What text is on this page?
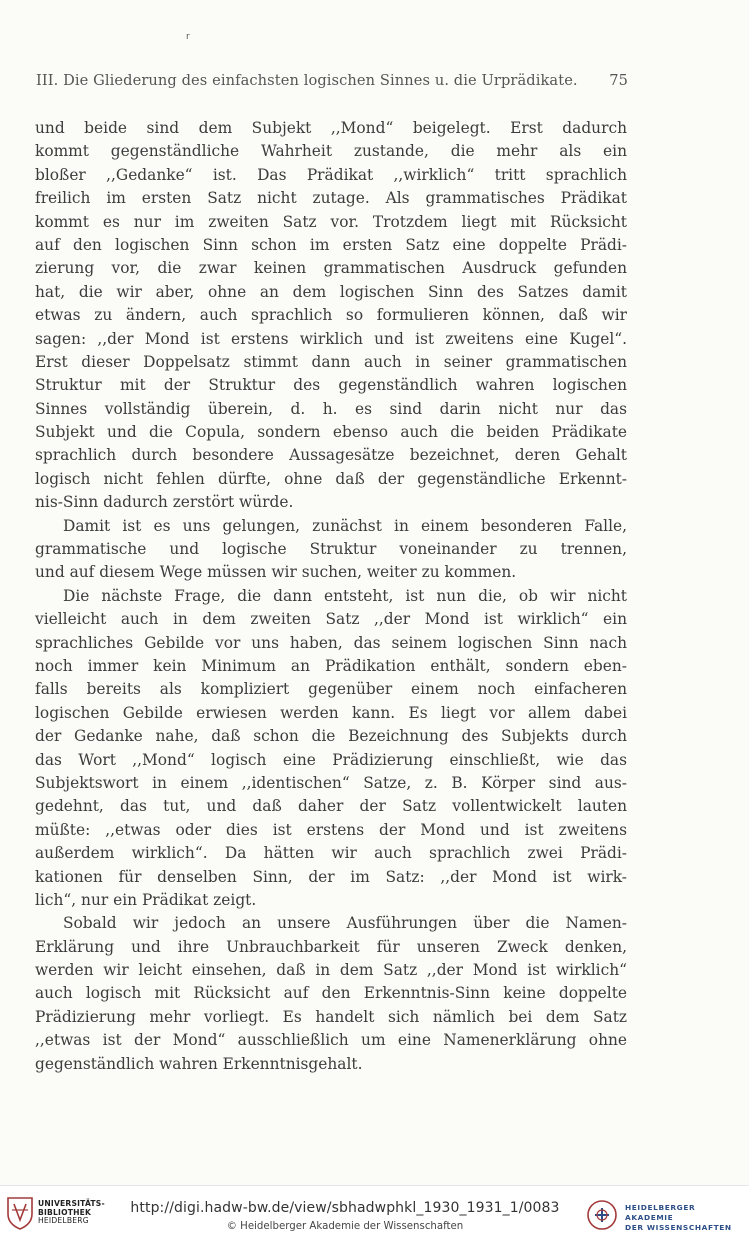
r
III. Die Gliederung des einfachsten logischen Sinnes u. die Urprädikate. 75
und beide sind dem Subjekt ,,Mond“ beigelegt. Erst dadurch
kommt gegenständliche Wahrheit zustande, die mehr als ein
bloßer ,,Gedanke“ ist. Das Prädikat ,,wirklich“ tritt sprachlich
freilich im ersten Satz nicht zutage. Als grammatisches Prädikat
kommt es nur im zweiten Satz vor. Trotzdem liegt mit Rücksicht
auf den logischen Sinn schon im ersten Satz eine doppelte Prädi-
zierung vor, die zwar keinen grammatischen Ausdruck gefunden
hat, die wir aber, ohne an dem logischen Sinn des Satzes damit
etwas zu ändern, auch sprachlich so formulieren können, daß wir
sagen: ,,der Mond ist erstens wirklich und ist zweitens eine Kugel“.
Erst dieser Doppelsatz stimmt dann auch in seiner grammatischen
Struktur mit der Struktur des gegenständlich wahren logischen
Sinnes vollständig überein, d. h. es sind darin nicht nur das
Subjekt und die Copula, sondern ebenso auch die beiden Prädikate
sprachlich durch besondere Aussagesätze bezeichnet, deren Gehalt
logisch nicht fehlen dürfte, ohne daß der gegenständliche Erkennt-
nis-Sinn dadurch zerstört würde.
Damit ist es uns gelungen, zunächst in einem besonderen Falle,
grammatische und logische Struktur voneinander zu trennen,
und auf diesem Wege müssen wir suchen, weiter zu kommen.
Die nächste Frage, die dann entsteht, ist nun die, ob wir nicht
vielleicht auch in dem zweiten Satz ,,der Mond ist wirklich“ ein
sprachliches Gebilde vor uns haben, das seinem logischen Sinn nach
noch immer kein Minimum an Prädikation enthält, sondern eben-
falls bereits als kompliziert gegenüber einem noch einfacheren
logischen Gebilde erwiesen werden kann. Es liegt vor allem dabei
der Gedanke nahe, daß schon die Bezeichnung des Subjekts durch
das Wort ,,Mond“ logisch eine Prädizierung einschließt, wie das
Subjektswort in einem ,,identischen“ Satze, z. B. Körper sind aus-
gedehnt, das tut, und daß daher der Satz vollentwickelt lauten
müßte: ,,etwas oder dies ist erstens der Mond und ist zweitens
außerdem wirklich“. Da hätten wir auch sprachlich zwei Prädi-
kationen für denselben Sinn, der im Satz: ,,der Mond ist wirk-
lich“, nur ein Prädikat zeigt.
Sobald wir jedoch an unsere Ausführungen über die Namen-
Erklärung und ihre Unbrauchbarkeit für unseren Zweck denken,
werden wir leicht einsehen, daß in dem Satz ,,der Mond ist wirklich“
auch logisch mit Rücksicht auf den Erkenntnis-Sinn keine doppelte
Prädizierung mehr vorliegt. Es handelt sich nämlich bei dem Satz
,,etwas ist der Mond“ ausschließlich um eine Namenerklärung ohne
gegenständlich wahren Erkenntnisgehalt.
UNIVERSITÄTS-
BIBLIOTHEK
HEIDELBERG
http://digi.hadw-bw.de/view/sbhadwphkl_1930_1931_1/0083
© Heidelberger Akademie der Wissenschaften
HEIDELBERGER AKADEMIE
DER WISSENSCHAFTEN
